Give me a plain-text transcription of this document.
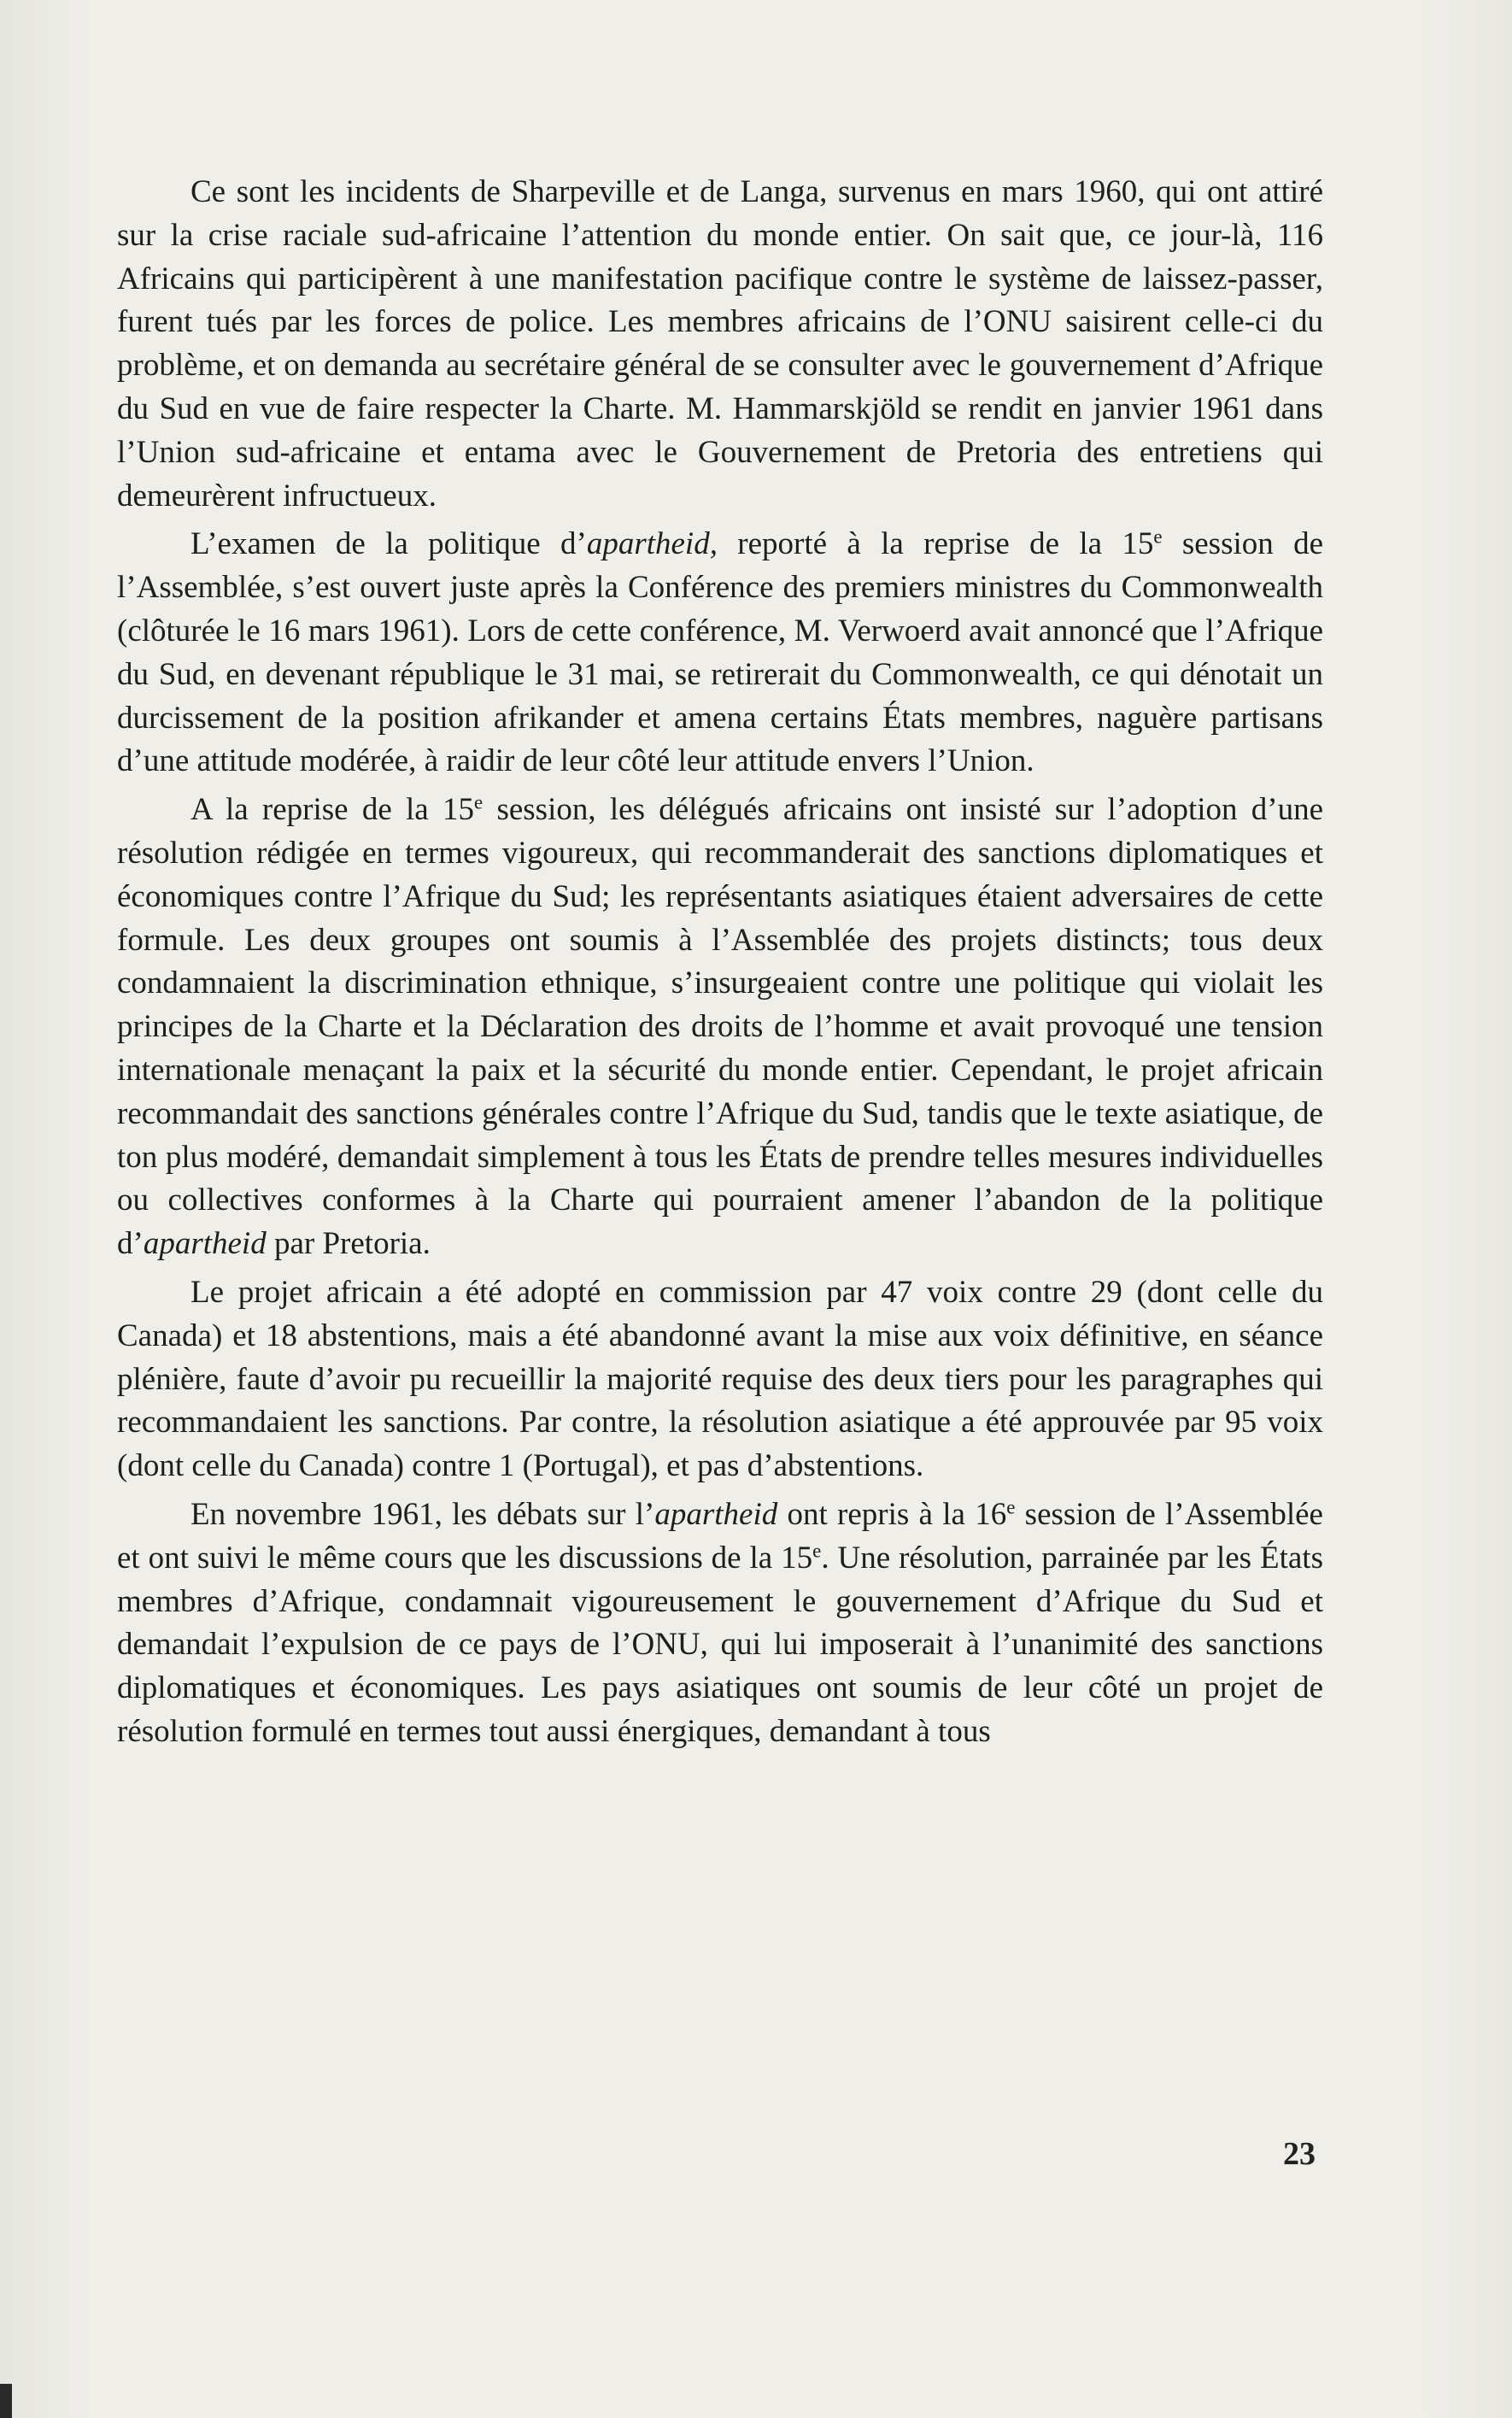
Ce sont les incidents de Sharpeville et de Langa, survenus en mars 1960, qui ont attiré sur la crise raciale sud-africaine l’attention du monde entier. On sait que, ce jour-là, 116 Africains qui participèrent à une manifestation pacifique contre le système de laissez-passer, furent tués par les forces de police. Les membres africains de l’ONU saisirent celle-ci du problème, et on demanda au secrétaire général de se consulter avec le gouvernement d’Afrique du Sud en vue de faire respecter la Charte. M. Hammarskjöld se rendit en janvier 1961 dans l’Union sud-africaine et entama avec le Gouvernement de Pretoria des entretiens qui demeurèrent infructueux.

L’examen de la politique d’apartheid, reporté à la reprise de la 15e session de l’Assemblée, s’est ouvert juste après la Conférence des premiers ministres du Commonwealth (clôturée le 16 mars 1961). Lors de cette conférence, M. Verwoerd avait annoncé que l’Afrique du Sud, en devenant république le 31 mai, se retirerait du Commonwealth, ce qui dénotait un durcissement de la position afrikander et amena certains États membres, naguère partisans d’une attitude modérée, à raidir de leur côté leur attitude envers l’Union.

A la reprise de la 15e session, les délégués africains ont insisté sur l’adoption d’une résolution rédigée en termes vigoureux, qui recommanderait des sanctions diplomatiques et économiques contre l’Afrique du Sud; les représentants asiatiques étaient adversaires de cette formule. Les deux groupes ont soumis à l’Assemblée des projets distincts; tous deux condamnaient la discrimination ethnique, s’insurgeaient contre une politique qui violait les principes de la Charte et la Déclaration des droits de l’homme et avait provoqué une tension internationale menaçant la paix et la sécurité du monde entier. Cependant, le projet africain recommandait des sanctions générales contre l’Afrique du Sud, tandis que le texte asiatique, de ton plus modéré, demandait simplement à tous les États de prendre telles mesures individuelles ou collectives conformes à la Charte qui pourraient amener l’abandon de la politique d’apartheid par Pretoria.

Le projet africain a été adopté en commission par 47 voix contre 29 (dont celle du Canada) et 18 abstentions, mais a été abandonné avant la mise aux voix définitive, en séance plénière, faute d’avoir pu recueillir la majorité requise des deux tiers pour les paragraphes qui recommandaient les sanctions. Par contre, la résolution asiatique a été approuvée par 95 voix (dont celle du Canada) contre 1 (Portugal), et pas d’abstentions.

En novembre 1961, les débats sur l’apartheid ont repris à la 16e session de l’Assemblée et ont suivi le même cours que les discussions de la 15e. Une résolution, parrainée par les États membres d’Afrique, condamnait vigoureusement le gouvernement d’Afrique du Sud et demandait l’expulsion de ce pays de l’ONU, qui lui imposerait à l’unanimité des sanctions diplomatiques et économiques. Les pays asiatiques ont soumis de leur côté un projet de résolution formulé en termes tout aussi énergiques, demandant à tous

23
